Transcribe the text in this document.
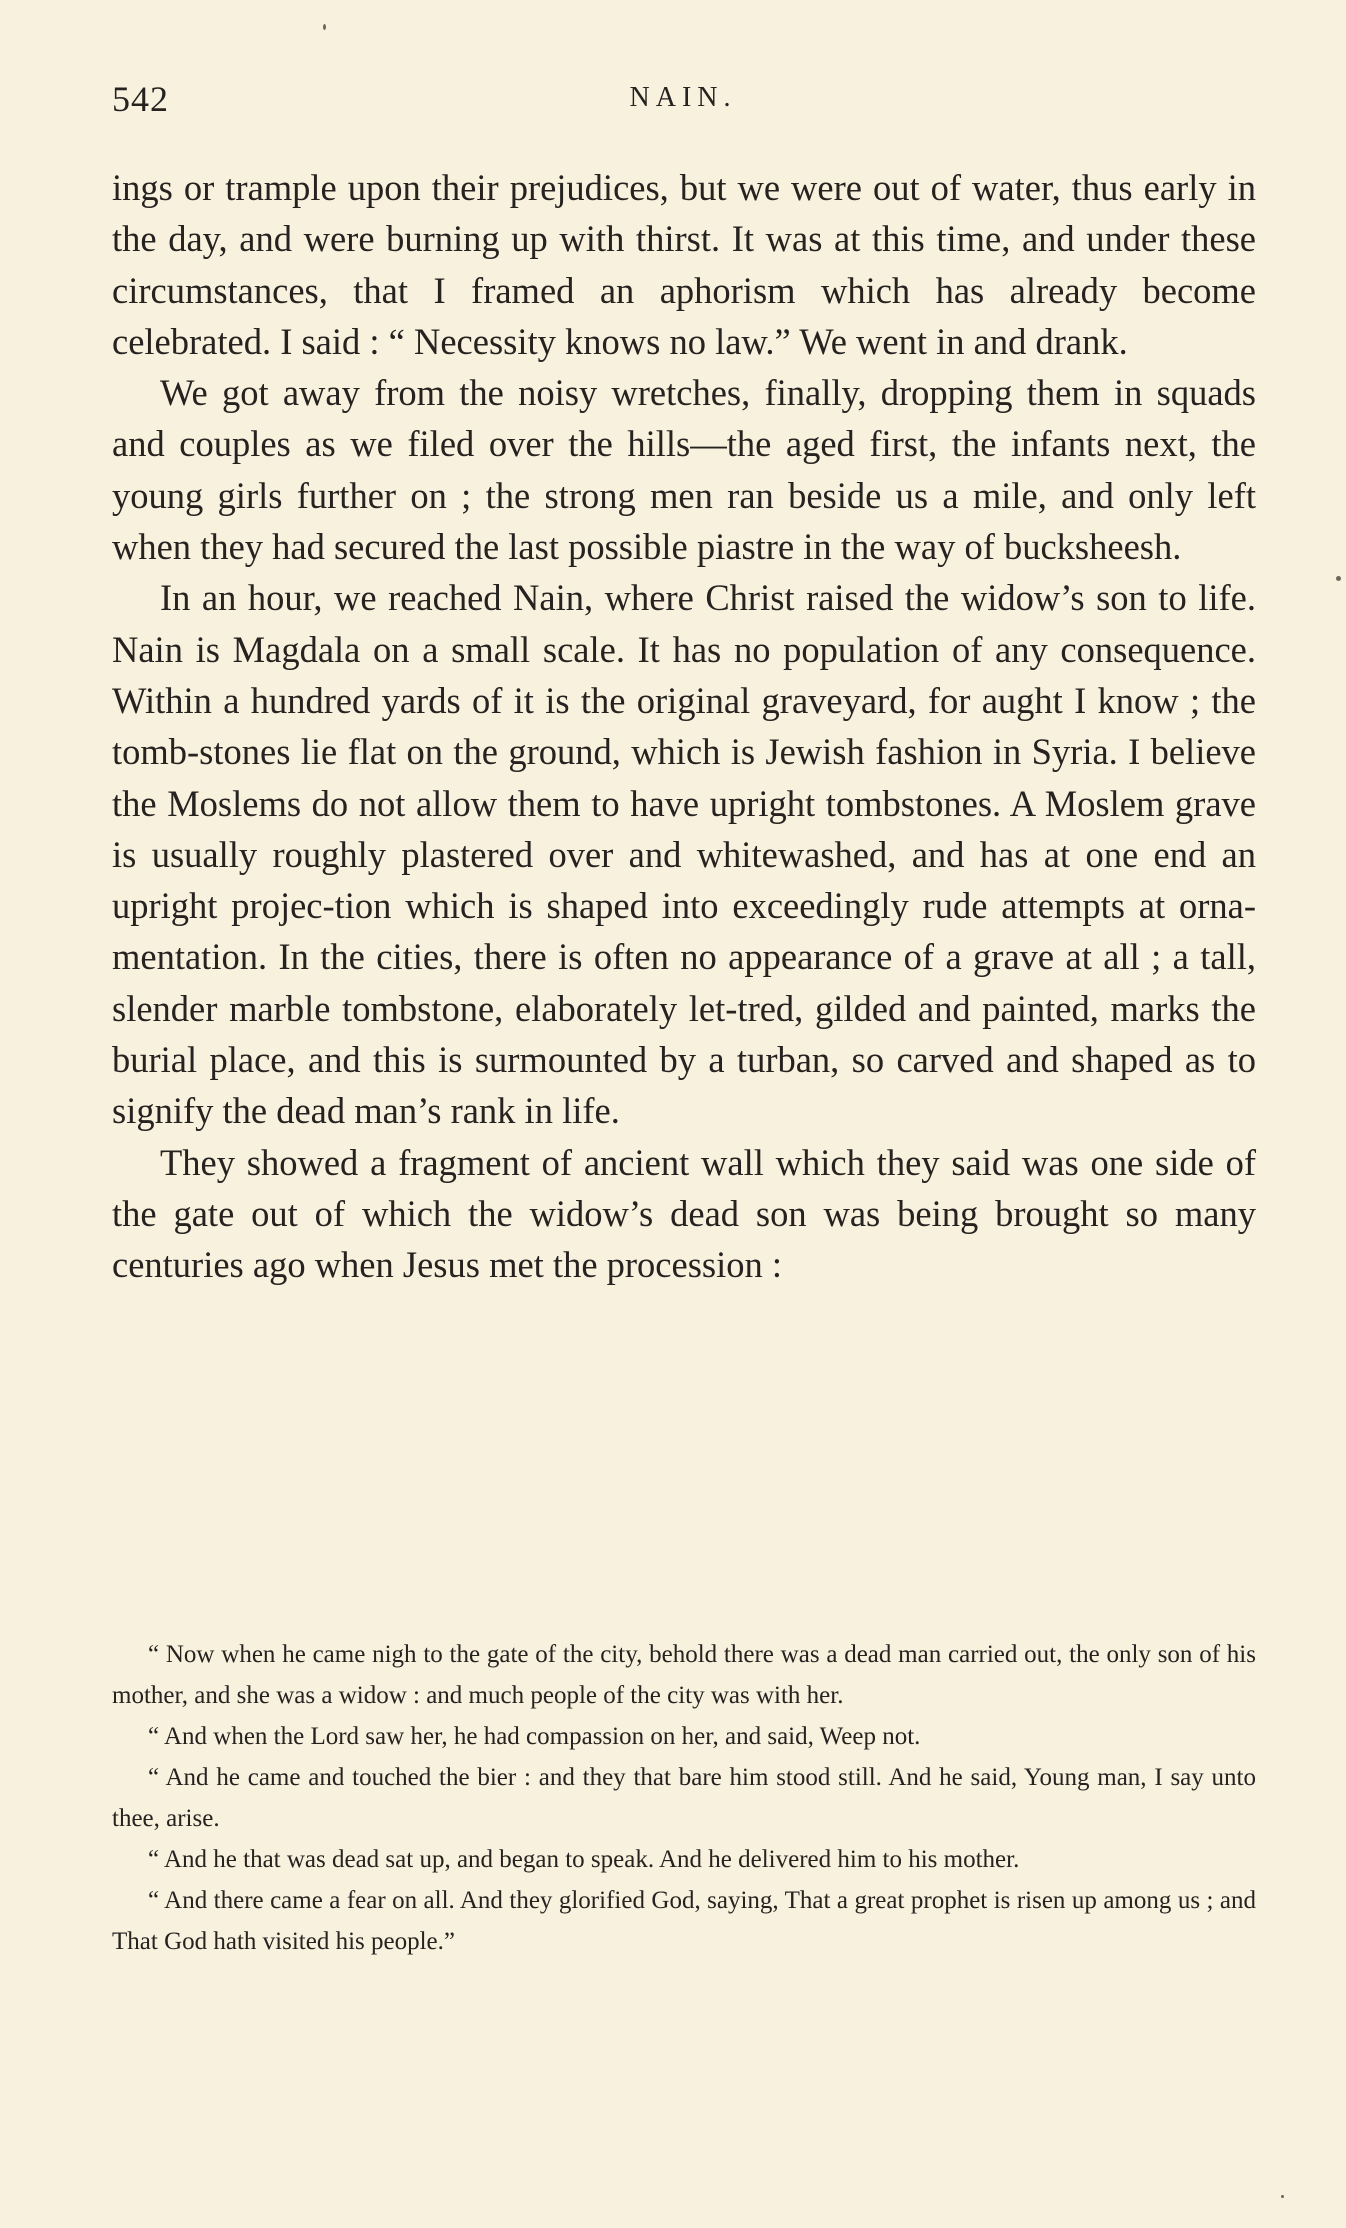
542	NAIN.

ings or trample upon their prejudices, but we were out of water, thus early in the day, and were burning up with thirst. It was at this time, and under these circumstances, that I framed an aphorism which has already become celebrated. I said : “ Necessity knows no law.” We went in and drank.

We got away from the noisy wretches, finally, dropping them in squads and couples as we filed over the hills—the aged first, the infants next, the young girls further on ; the strong men ran beside us a mile, and only left when they had secured the last possible piastre in the way of bucksheesh.

In an hour, we reached Nain, where Christ raised the widow’s son to life. Nain is Magdala on a small scale. It has no population of any consequence. Within a hundred yards of it is the original graveyard, for aught I know ; the tomb-stones lie flat on the ground, which is Jewish fashion in Syria. I believe the Moslems do not allow them to have upright tombstones. A Moslem grave is usually roughly plastered over and whitewashed, and has at one end an upright projec-tion which is shaped into exceedingly rude attempts at orna-mentation. In the cities, there is often no appearance of a grave at all ; a tall, slender marble tombstone, elaborately let-tred, gilded and painted, marks the burial place, and this is surmounted by a turban, so carved and shaped as to signify the dead man’s rank in life.

They showed a fragment of ancient wall which they said was one side of the gate out of which the widow’s dead son was being brought so many centuries ago when Jesus met the procession :

“ Now when he came nigh to the gate of the city, behold there was a dead man carried out, the only son of his mother, and she was a widow : and much people of the city was with her.

“ And when the Lord saw her, he had compassion on her, and said, Weep not.

“ And he came and touched the bier : and they that bare him stood still. And he said, Young man, I say unto thee, arise.

“ And he that was dead sat up, and began to speak. And he delivered him to his mother.

“ And there came a fear on all. And they glorified God, saying, That a great prophet is risen up among us ; and That God hath visited his people.”
